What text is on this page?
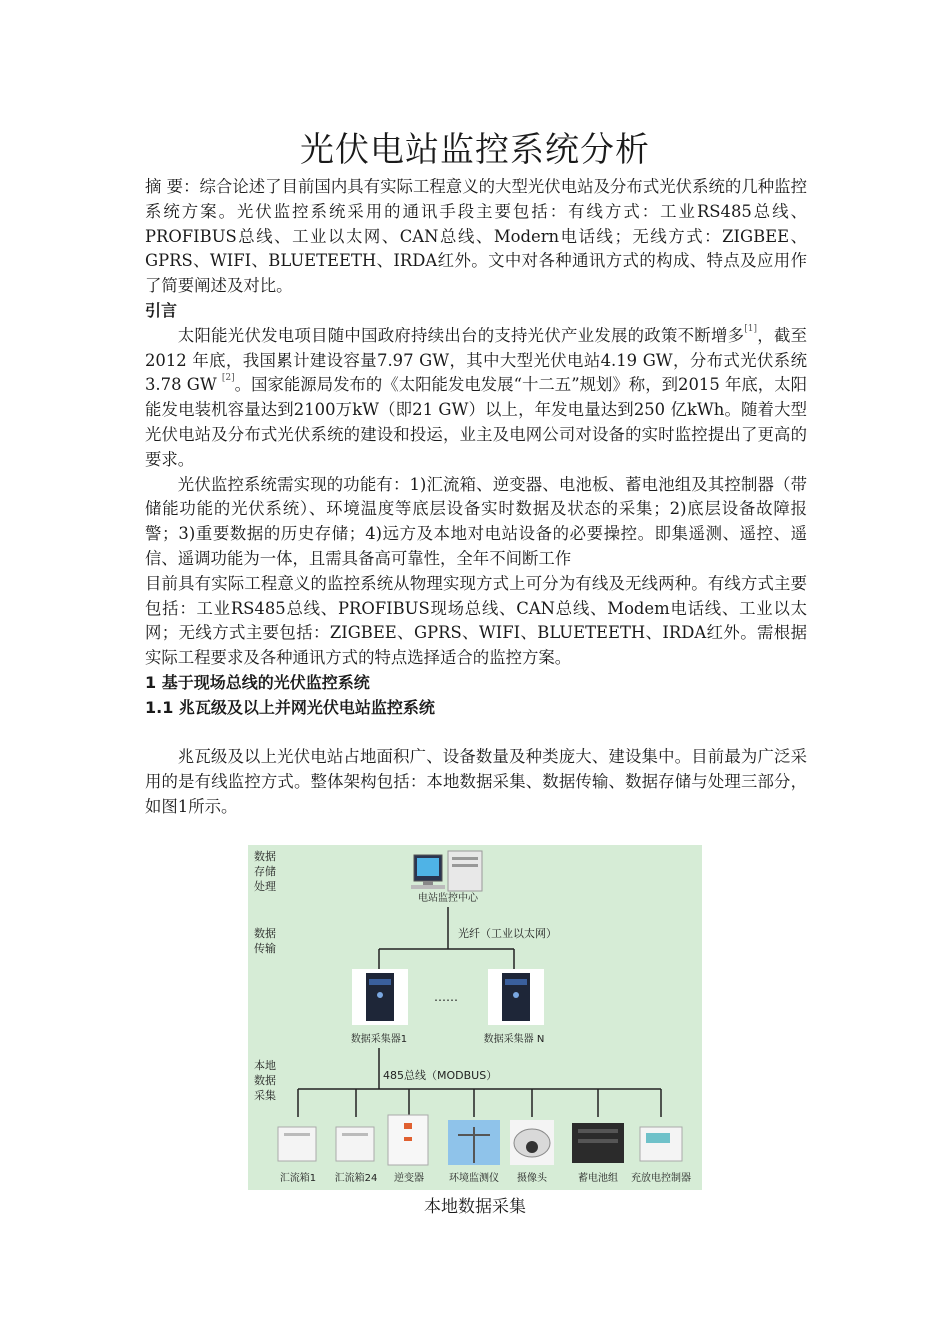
光伏电站监控系统分析

摘 要：综合论述了目前国内具有实际工程意义的大型光伏电站及分布式光伏系统的几种监控系统方案。光伏监控系统采用的通讯手段主要包括：有线方式：工业RS485总线、PROFIBUS总线、工业以太网、CAN总线、Modern电话线；无线方式：ZIGBEE、GPRS、WIFI、BLUETEETH、IRDA红外。文中对各种通讯方式的构成、特点及应用作了简要阐述及对比。

引言

太阳能光伏发电项目随中国政府持续出台的支持光伏产业发展的政策不断增多[1]，截至2012 年底，我国累计建设容量7.97 GW，其中大型光伏电站4.19 GW，分布式光伏系统3.78 GW [2]。国家能源局发布的《太阳能发电发展“十二五”规划》称，到2015 年底，太阳能发电装机容量达到2100万kW（即21 GW）以上，年发电量达到250 亿kWh。随着大型光伏电站及分布式光伏系统的建设和投运，业主及电网公司对设备的实时监控提出了更高的要求。

光伏监控系统需实现的功能有：1)汇流箱、逆变器、电池板、蓄电池组及其控制器（带储能功能的光伏系统）、环境温度等底层设备实时数据及状态的采集；2)底层设备故障报警；3)重要数据的历史存储；4)远方及本地对电站设备的必要操控。即集遥测、遥控、遥信、遥调功能为一体，且需具备高可靠性，全年不间断工作

目前具有实际工程意义的监控系统从物理实现方式上可分为有线及无线两种。有线方式主要包括：工业RS485总线、PROFIBUS现场总线、CAN总线、Modem电话线、工业以太网；无线方式主要包括：ZIGBEE、GPRS、WIFI、BLUETEETH、IRDA红外。需根据实际工程要求及各种通讯方式的特点选择适合的监控方案。

1 基于现场总线的光伏监控系统

1.1 兆瓦级及以上并网光伏电站监控系统

兆瓦级及以上光伏电站占地面积广、设备数量及种类庞大、建设集中。目前最为广泛采用的是有线监控方式。整体架构包括：本地数据采集、数据传输、数据存储与处理三部分，如图1所示。

数据
存储
处理
数据
传输
本地
数据
采集
电站监控中心
光纤（工业以太网）
数据采集器1
……
数据采集器 N
485总线（MODBUS）
汇流箱1 汇流箱24 逆变器	环境监测仪 摄像头	蓄电池组 充放电控制器
本地数据采集
